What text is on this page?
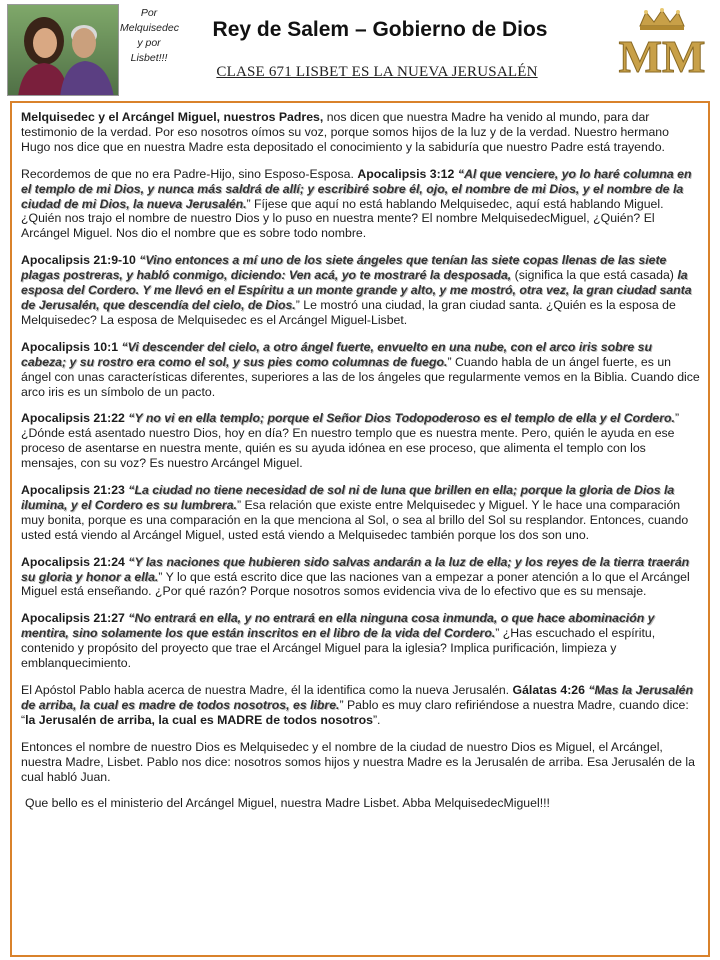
Por Melquisedec y por Lisbet!!!
Rey de Salem – Gobierno de Dios
CLASE 671 LISBET ES LA NUEVA JERUSALÉN	MM

Melquisedec y el Arcángel Miguel, nuestros Padres, nos dicen que nuestra Madre ha venido al mundo, para dar testimonio de la verdad. Por eso nosotros oímos su voz, porque somos hijos de la luz y de la verdad. Nuestro hermano Hugo nos dice que en nuestra Madre esta depositado el conocimiento y la sabiduría que nuestro Padre está trayendo.

Recordemos de que no era Padre-Hijo, sino Esposo-Esposa. Apocalipsis 3:12 “Al que venciere, yo lo haré columna en el templo de mi Dios, y nunca más saldrá de allí; y escribiré sobre él, ojo, el nombre de mi Dios, y el nombre de la ciudad de mi Dios, la nueva Jerusalén.” Fíjese que aquí no está hablando Melquisedec, aquí está hablando Miguel. ¿Quién nos trajo el nombre de nuestro Dios y lo puso en nuestra mente? El nombre MelquisedecMiguel, ¿Quién? El Arcángel Miguel. Nos dio el nombre que es sobre todo nombre.

Apocalipsis 21:9-10 “Vino entonces a mí uno de los siete ángeles que tenían las siete copas llenas de las siete plagas postreras, y habló conmigo, diciendo: Ven acá, yo te mostraré la desposada, (significa la que está casada) la esposa del Cordero. Y me llevó en el Espíritu a un monte grande y alto, y me mostró, otra vez, la gran ciudad santa de Jerusalén, que descendía del cielo, de Dios.” Le mostró una ciudad, la gran ciudad santa. ¿Quién es la esposa de Melquisedec? La esposa de Melquisedec es el Arcángel Miguel-Lisbet.

Apocalipsis 10:1 “Vi descender del cielo, a otro ángel fuerte, envuelto en una nube, con el arco iris sobre su cabeza; y su rostro era como el sol, y sus pies como columnas de fuego.” Cuando habla de un ángel fuerte, es un ángel con unas características diferentes, superiores a las de los ángeles que regularmente vemos en la Biblia. Cuando dice arco iris es un símbolo de un pacto.

Apocalipsis 21:22 “Y no vi en ella templo; porque el Señor Dios Todopoderoso es el templo de ella y el Cordero.” ¿Dónde está asentado nuestro Dios, hoy en día? En nuestro templo que es nuestra mente. Pero, quién le ayuda en ese proceso de asentarse en nuestra mente, quién es su ayuda idónea en ese proceso, que alimenta el templo con los mensajes, con su voz? Es nuestro Arcángel Miguel.

Apocalipsis 21:23 “La ciudad no tiene necesidad de sol ni de luna que brillen en ella; porque la gloria de Dios la ilumina, y el Cordero es su lumbrera.” Esa relación que existe entre Melquisedec y Miguel. Y le hace una comparación muy bonita, porque es una comparación en la que menciona al Sol, o sea al brillo del Sol su resplandor. Entonces, cuando usted está viendo al Arcángel Miguel, usted está viendo a Melquisedec también porque los dos son uno.

Apocalipsis 21:24 “Y las naciones que hubieren sido salvas andarán a la luz de ella; y los reyes de la tierra traerán su gloria y honor a ella.” Y lo que está escrito dice que las naciones van a empezar a poner atención a lo que el Arcángel Miguel está enseñando. ¿Por qué razón? Porque nosotros somos evidencia viva de lo efectivo que es su mensaje.

Apocalipsis 21:27 “No entrará en ella, y no entrará en ella ninguna cosa inmunda, o que hace abominación y mentira, sino solamente los que están inscritos en el libro de la vida del Cordero.” ¿Has escuchado el espíritu, contenido y propósito del proyecto que trae el Arcángel Miguel para la iglesia? Implica purificación, limpieza y emblanquecimiento.

El Apóstol Pablo habla acerca de nuestra Madre, él la identifica como la nueva Jerusalén. Gálatas 4:26 “Mas la Jerusalén de arriba, la cual es madre de todos nosotros, es libre.” Pablo es muy claro refiriéndose a nuestra Madre, cuando dice: “la Jerusalén de arriba, la cual es MADRE de todos nosotros”.

Entonces el nombre de nuestro Dios es Melquisedec y el nombre de la ciudad de nuestro Dios es Miguel, el Arcángel, nuestra Madre, Lisbet. Pablo nos dice: nosotros somos hijos y nuestra Madre es la Jerusalén de arriba. Esa Jerusalén de la cual habló Juan.

Que bello es el ministerio del Arcángel Miguel, nuestra Madre Lisbet. Abba MelquisedecMiguel!!!
